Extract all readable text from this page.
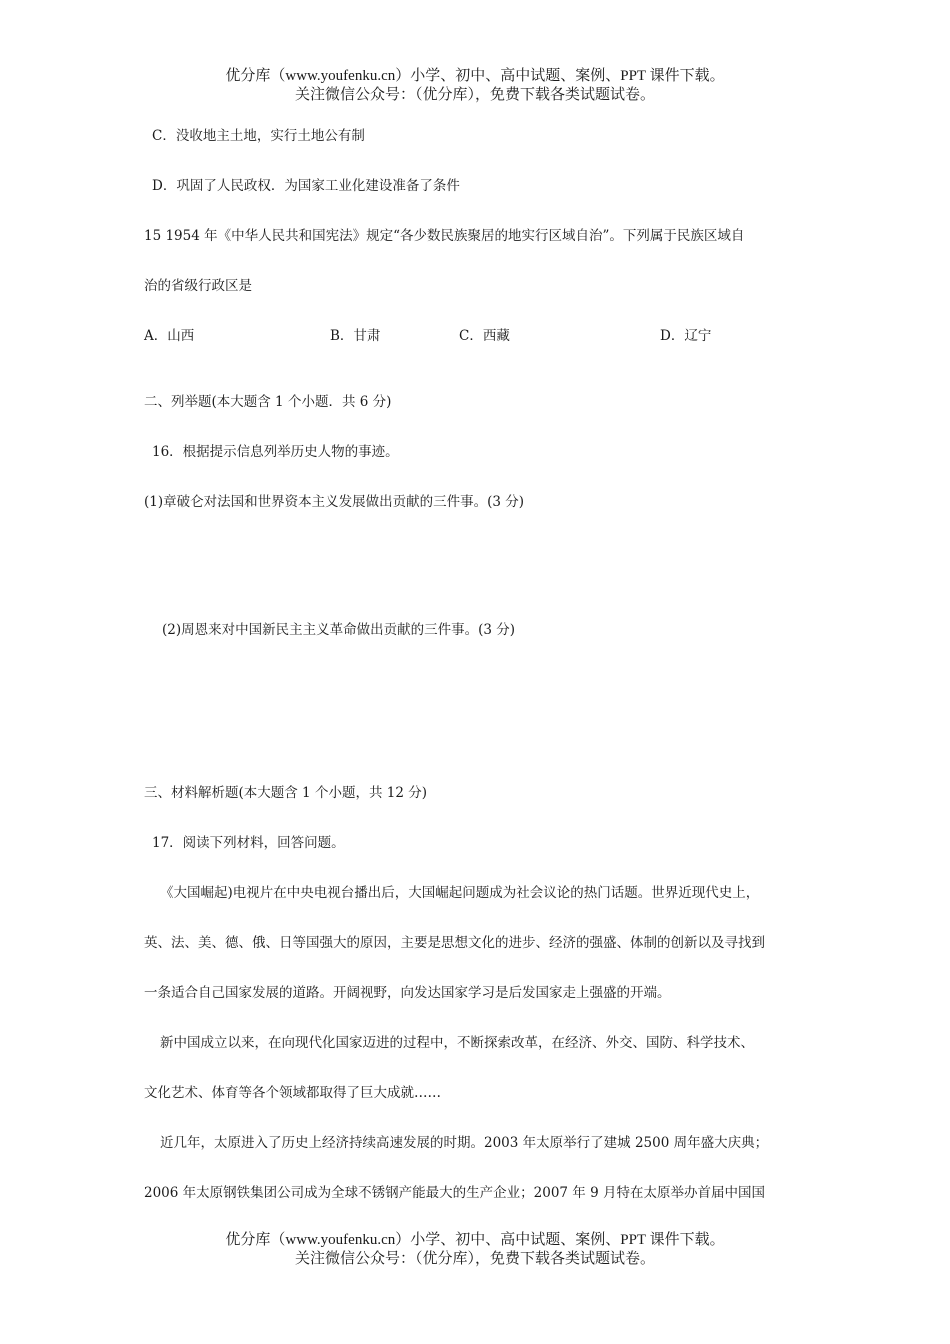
优分库（www.youfenku.cn）小学、初中、高中试题、案例、PPT 课件下载。
关注微信公众号：（优分库），免费下载各类试题试卷。
C．没收地主土地，实行土地公有制
D．巩固了人民政权．为国家工业化建设准备了条件
15 1954 年《中华人民共和国宪法》规定“各少数民族聚居的地实行区域自治”。下列属于民族区域自
治的省级行政区是
A．山西	B．甘肃	C．西藏	D．辽宁
二、列举题(本大题含 1 个小题．共 6 分)
16．根据提示信息列举历史人物的事迹。
(1)章破仑对法国和世界资本主义发展做出贡献的三件事。(3 分)
(2)周恩来对中国新民主主义革命做出贡献的三件事。(3 分)
三、材料解析题(本大题含 1 个小题，共 12 分)
17．阅读下列材料，回答问题。
《大国崛起)电视片在中央电视台播出后，大国崛起问题成为社会议论的热门话题。世界近现代史上，
英、法、美、德、俄、日等国强大的原因，主要是思想文化的进步、经济的强盛、体制的创新以及寻找到
一条适合自己国家发展的道路。开阔视野，向发达国家学习是后发国家走上强盛的开端。
新中国成立以来，在向现代化国家迈进的过程中，不断探索改革，在经济、外交、国防、科学技术、
文化艺术、体育等各个领域都取得了巨大成就……
近几年，太原进入了历史上经济持续高速发展的时期。2003 年太原举行了建城 2500 周年盛大庆典；
2006 年太原钢铁集团公司成为全球不锈钢产能最大的生产企业；2007 年 9 月特在太原举办首届中国国
优分库（www.youfenku.cn）小学、初中、高中试题、案例、PPT 课件下载。
关注微信公众号：（优分库），免费下载各类试题试卷。
